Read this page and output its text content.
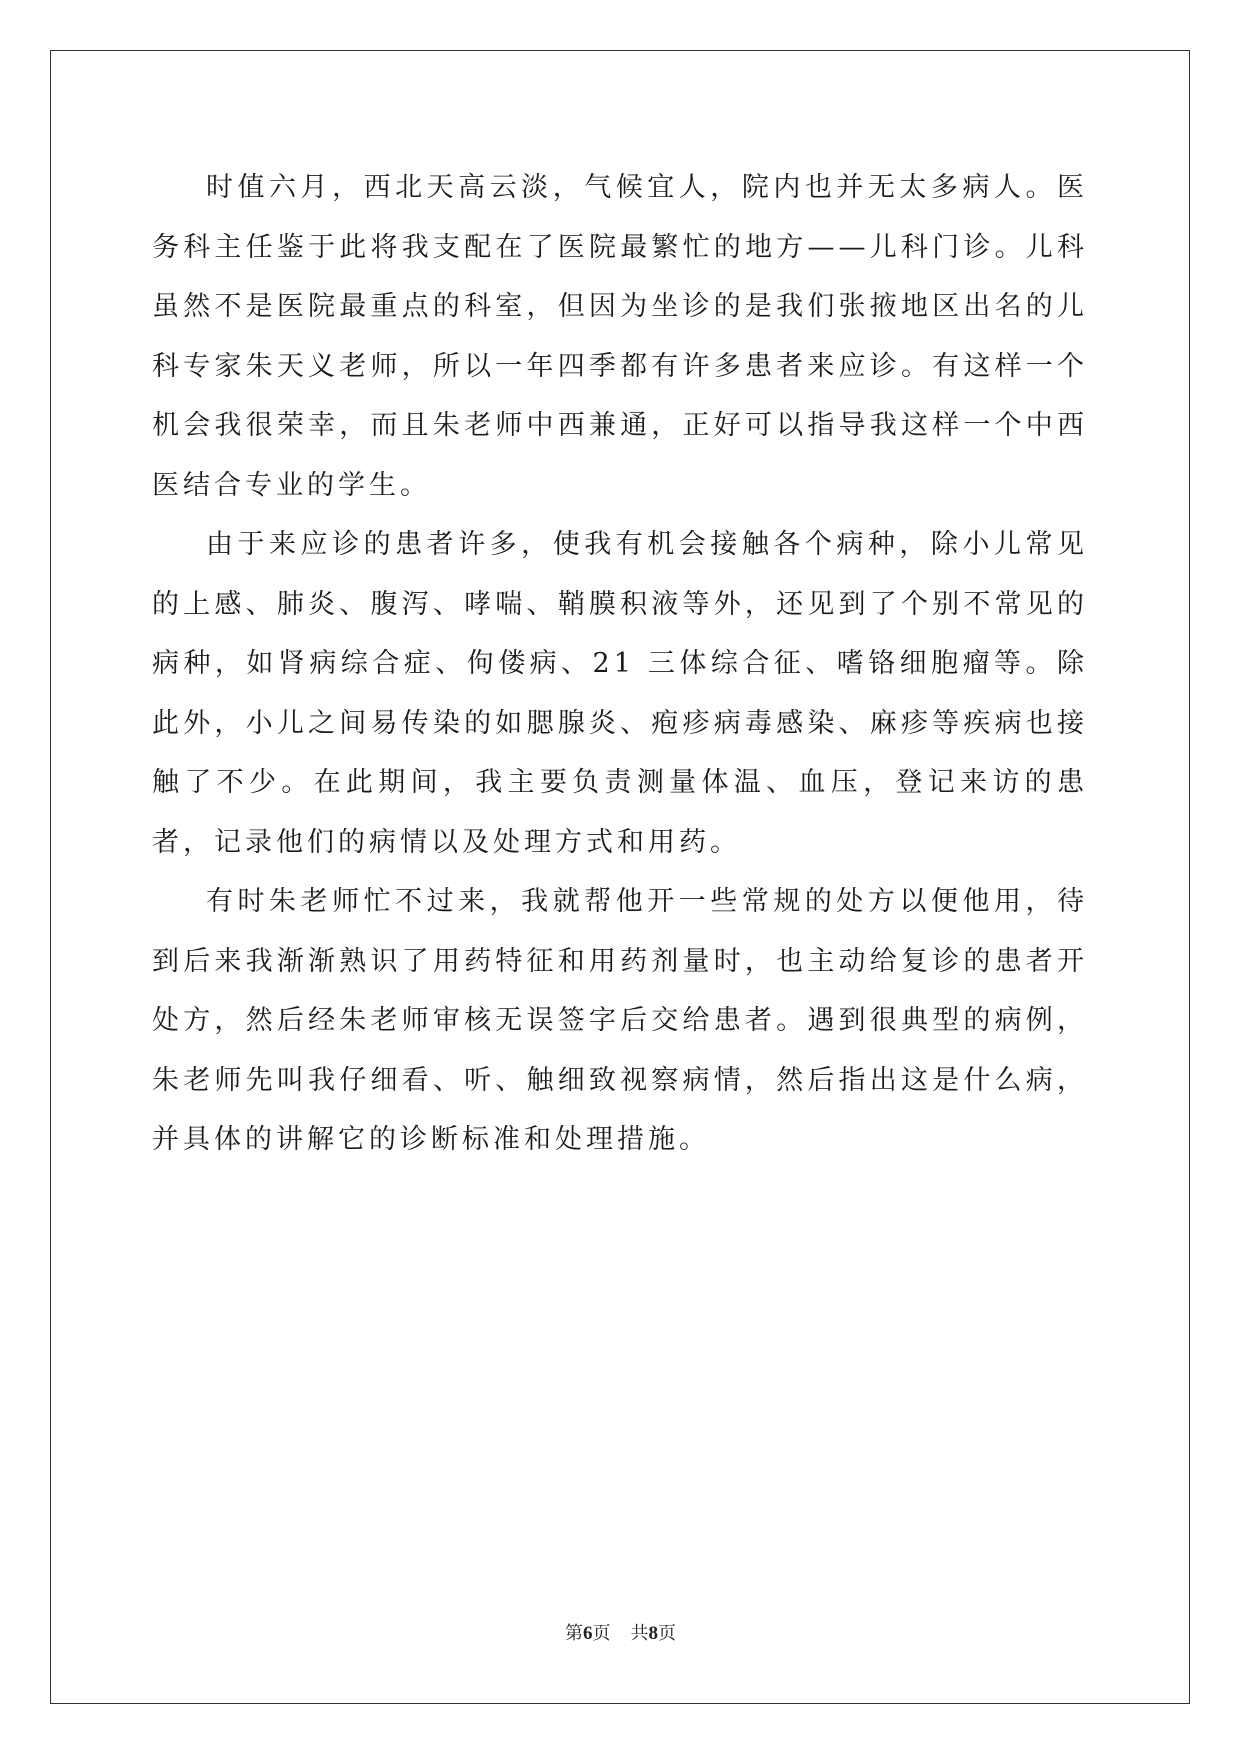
时值六月，西北天高云淡，气候宜人，院内也并无太多病人。医务科主任鉴于此将我支配在了医院最繁忙的地方——儿科门诊。儿科虽然不是医院最重点的科室，但因为坐诊的是我们张掖地区出名的儿科专家朱天义老师，所以一年四季都有许多患者来应诊。有这样一个机会我很荣幸，而且朱老师中西兼通，正好可以指导我这样一个中西医结合专业的学生。

由于来应诊的患者许多，使我有机会接触各个病种，除小儿常见的上感、肺炎、腹泻、哮喘、鞘膜积液等外，还见到了个别不常见的病种，如肾病综合症、佝偻病、21 三体综合征、嗜铬细胞瘤等。除此外，小儿之间易传染的如腮腺炎、疱疹病毒感染、麻疹等疾病也接触了不少。在此期间，我主要负责测量体温、血压，登记来访的患者，记录他们的病情以及处理方式和用药。

有时朱老师忙不过来，我就帮他开一些常规的处方以便他用，待到后来我渐渐熟识了用药特征和用药剂量时，也主动给复诊的患者开处方，然后经朱老师审核无误签字后交给患者。遇到很典型的病例，朱老师先叫我仔细看、听、触细致视察病情，然后指出这是什么病，并具体的讲解它的诊断标准和处理措施。

第6页 共8页
